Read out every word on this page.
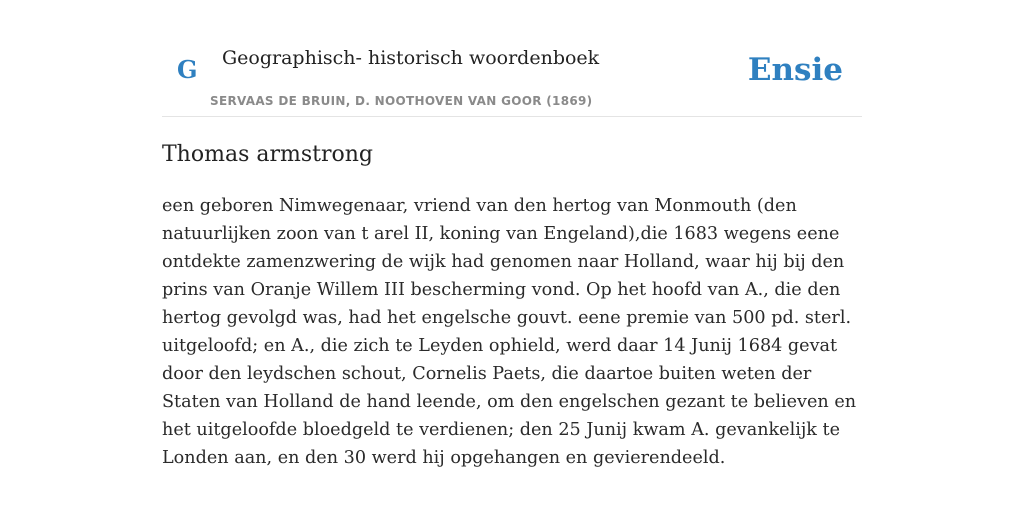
G Geographisch- historisch woordenboek
SERVAAS DE BRUIN, D. NOOTHOVEN VAN GOOR (1869)
Ensie
Thomas armstrong

een geboren Nimwegenaar, vriend van den hertog van Monmouth (den natuurlijken zoon van t arel II, koning van Engeland),die 1683 wegens eene ontdekte zamenzwering de wijk had genomen naar Holland, waar hij bij den prins van Oranje Willem III bescherming vond. Op het hoofd van A., die den hertog gevolgd was, had het engelsche gouvt. eene premie van 500 pd. sterl. uitgeloofd; en A., die zich te Leyden ophield, werd daar 14 Junij 1684 gevat door den leydschen schout, Cornelis Paets, die daartoe buiten weten der Staten van Holland de hand leende, om den engelschen gezant te believen en het uitgeloofde bloedgeld te verdienen; den 25 Junij kwam A. gevankelijk te Londen aan, en den 30 werd hij opgehangen en gevierendeeld.
